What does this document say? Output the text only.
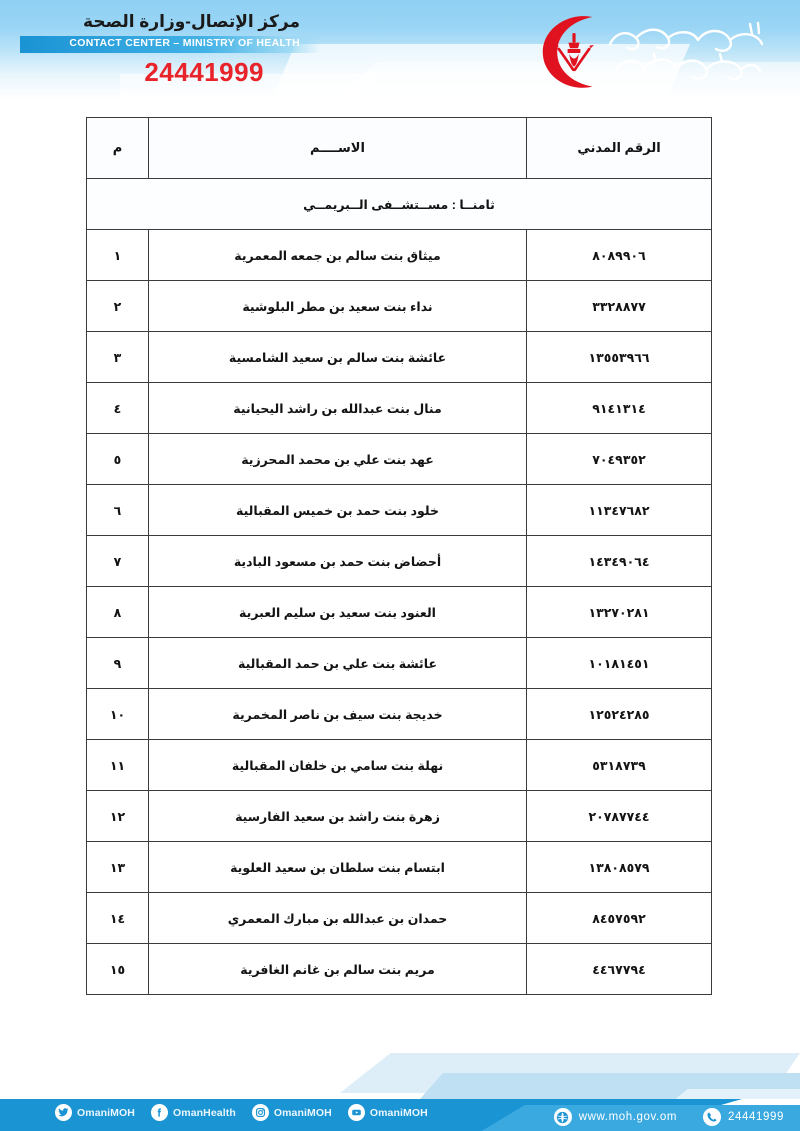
مركز الإتصال-وزارة الصحة
CONTACT CENTER – MINISTRY OF HEALTH
24441999
الرقم المدني	الاســــم	م
ثامنــا : مســتشــفى الــبريمــي		
٨٠٨٩٩٠٦	ميثاق بنت سالم بن جمعه المعمرية	١
٣٣٢٨٨٧٧	نداء بنت سعيد بن مطر البلوشية	٢
١٣٥٥٣٩٦٦	عائشة بنت سالم بن سعيد الشامسية	٣
٩١٤١٣١٤	منال بنت عبدالله بن راشد اليحيانية	٤
٧٠٤٩٣٥٢	عهد بنت علي بن محمد المحرزية	٥
١١٣٤٧٦٨٢	خلود بنت حمد بن خميس المقبالية	٦
١٤٣٤٩٠٦٤	أحضاض بنت حمد بن مسعود البادية	٧
١٣٢٧٠٢٨١	العنود بنت سعيد بن سليم العبرية	٨
١٠١٨١٤٥١	عائشة بنت علي بن حمد المقبالية	٩
١٢٥٢٤٢٨٥	خديجة بنت سيف بن ناصر المخمرية	١٠
٥٣١٨٧٣٩	نهلة بنت سامي بن خلفان المقبالية	١١
٢٠٧٨٧٧٤٤	زهرة بنت راشد بن سعيد الفارسية	١٢
١٣٨٠٨٥٧٩	ابتسام بنت سلطان بن سعيد العلوية	١٣
٨٤٥٧٥٩٢	حمدان بن عبدالله بن مبارك المعمري	١٤
٤٤٦٧٧٩٤	مريم بنت سالم بن غانم الغافرية	١٥
OmaniMOH	OmanHealth	OmaniMOH	OmaniMOH	www.moh.gov.om	24441999
